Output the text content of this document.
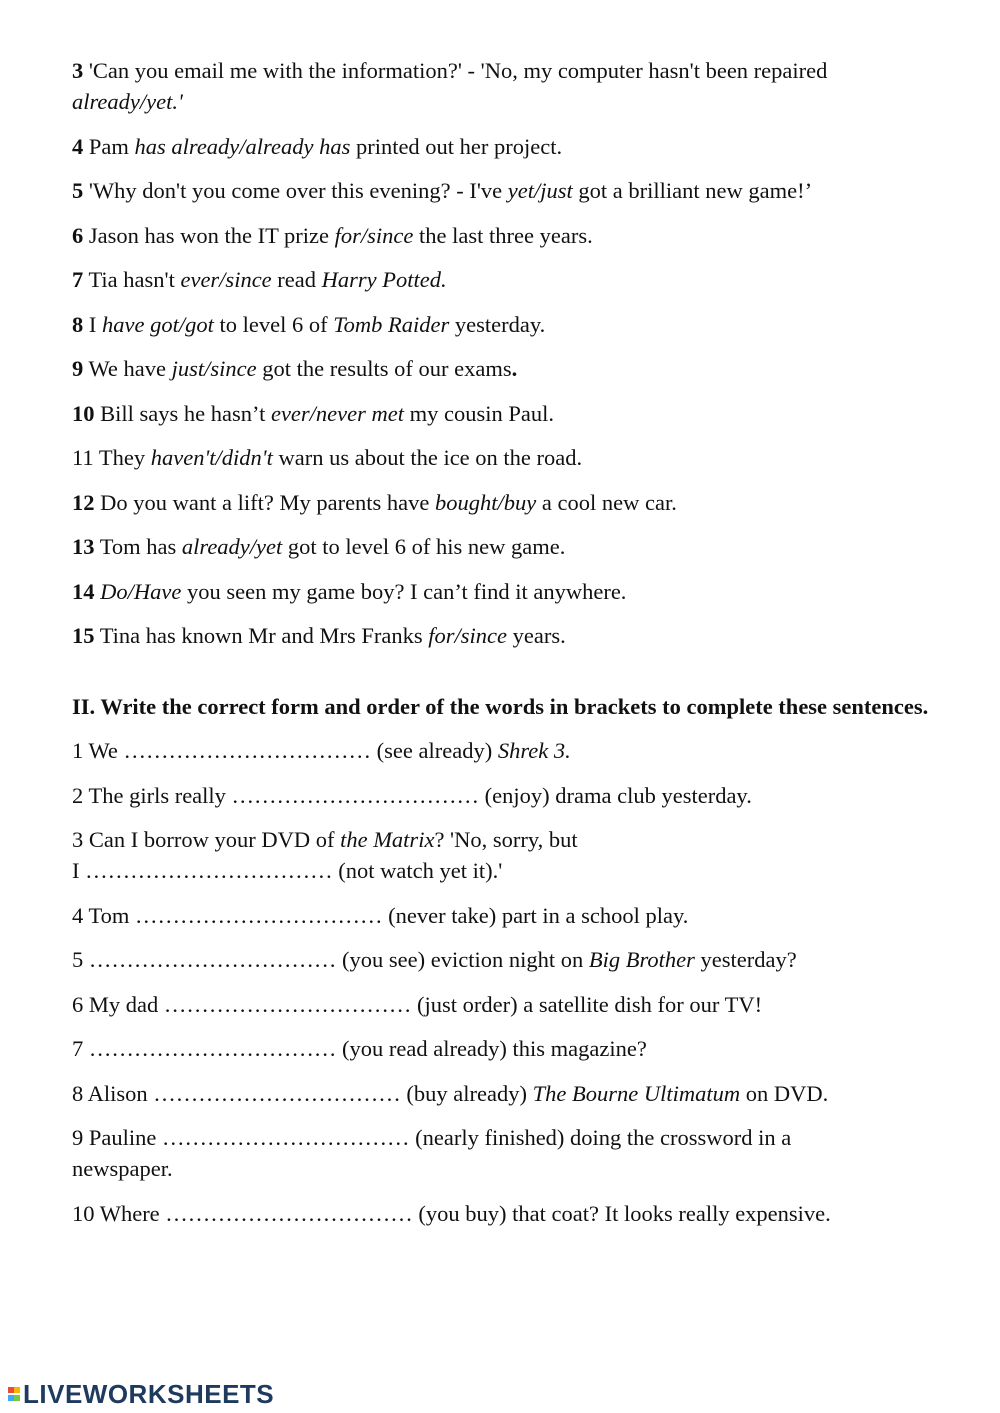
3 'Can you email me with the information?' - 'No, my computer hasn't been repaired already/yet.'
4 Pam has already/already has printed out her project.
5 'Why don't you come over this evening? - I've yet/just got a brilliant new game!’
6 Jason has won the IT prize for/since the last three years.
7 Tia hasn't ever/since read Harry Potted.
8 I have got/got to level 6 of Tomb Raider yesterday.
9 We have just/since got the results of our exams.
10 Bill says he hasn’t ever/never met my cousin Paul.
11 They haven't/didn't warn us about the ice on the road.
12 Do you want a lift? My parents have bought/buy a cool new car.
13 Tom has already/yet got to level 6 of his new game.
14 Do/Have you seen my game boy? I can’t find it anywhere.
15 Tina has known Mr and Mrs Franks for/since years.
II. Write the correct form and order of the words in brackets to complete these sentences.
1 We …………………………… (see already) Shrek 3.
2 The girls really …………………………… (enjoy) drama club yesterday.
3 Can I borrow your DVD of the Matrix? 'No, sorry, but
I …………………………… (not watch yet it).'
4 Tom …………………………… (never take) part in a school play.
5 …………………………… (you see) eviction night on Big Brother yesterday?
6 My dad …………………………… (just order) a satellite dish for our TV!
7 …………………………… (you read already) this magazine?
8 Alison …………………………… (buy already) The Bourne Ultimatum on DVD.
9 Pauline …………………………… (nearly finished) doing the crossword in a
newspaper.
10 Where …………………………… (you buy) that coat? It looks really expensive.
LIVEWORKSHEETS
